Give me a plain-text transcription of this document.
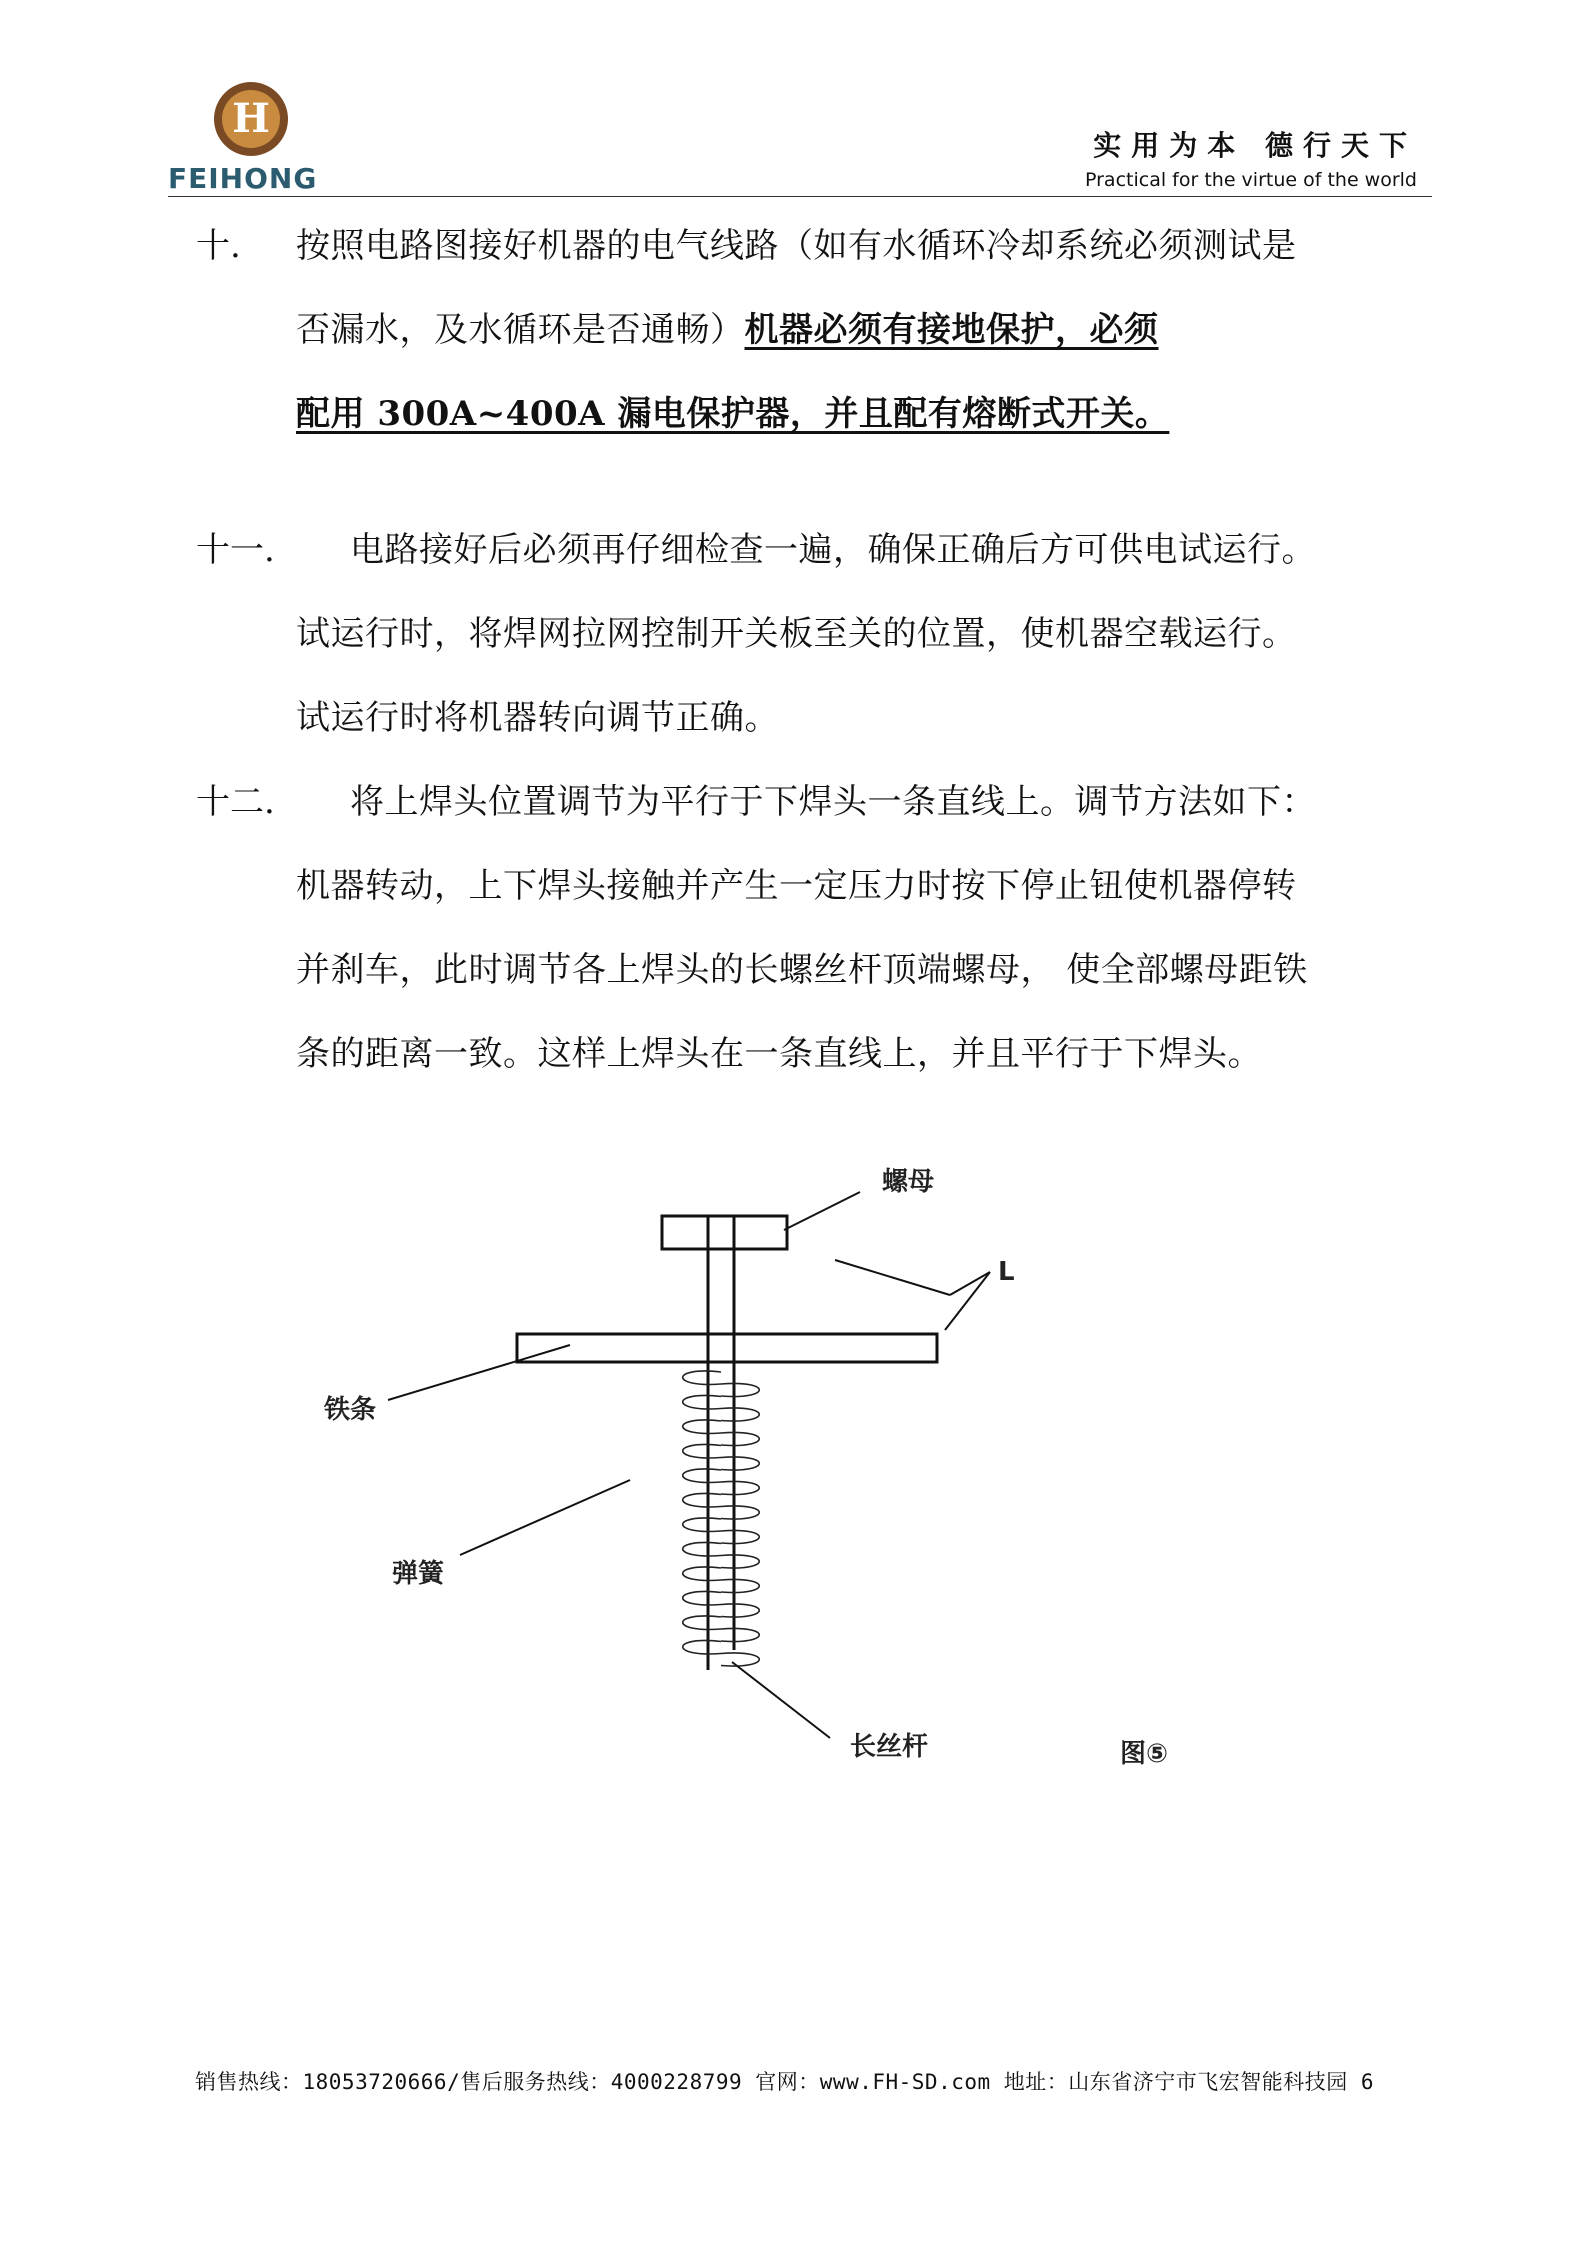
H
FEIHONG
实用为本 德行天下
Practical for the virtue of the world
十. 按照电路图接好机器的电气线路（如有水循环冷却系统必须测试是
否漏水，及水循环是否通畅）机器必须有接地保护，必须
配用 300A~400A 漏电保护器，并且配有熔断式开关。
十一. 电路接好后必须再仔细检查一遍，确保正确后方可供电试运行。
试运行时，将焊网拉网控制开关板至关的位置，使机器空载运行。
试运行时将机器转向调节正确。
十二. 将上焊头位置调节为平行于下焊头一条直线上。调节方法如下：
机器转动，上下焊头接触并产生一定压力时按下停止钮使机器停转
并刹车，此时调节各上焊头的长螺丝杆顶端螺母， 使全部螺母距铁
条的距离一致。这样上焊头在一条直线上，并且平行于下焊头。
螺母
L
铁条
弹簧
长丝杆	图⑤
销售热线：18053720666/售后服务热线：4000228799 官网：www.FH-SD.com 地址：山东省济宁市飞宏智能科技园 6
